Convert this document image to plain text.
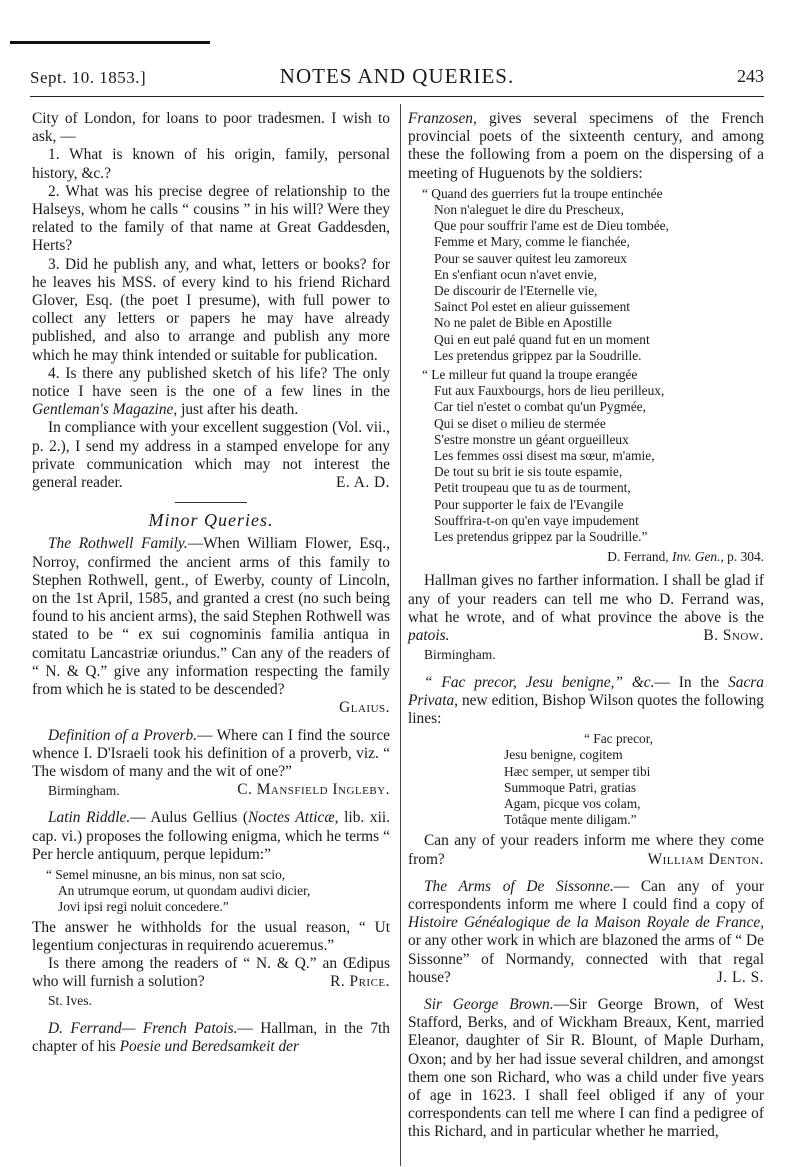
Sept. 10. 1853.]	NOTES AND QUERIES.	243

City of London, for loans to poor tradesmen. I wish to ask, —

1. What is known of his origin, family, personal history, &c.?

2. What was his precise degree of relationship to the Halseys, whom he calls “ cousins ” in his will? Were they related to the family of that name at Great Gaddesden, Herts?

3. Did he publish any, and what, letters or books? for he leaves his MSS. of every kind to his friend Richard Glover, Esq. (the poet I presume), with full power to collect any letters or papers he may have already published, and also to arrange and publish any more which he may think intended or suitable for publication.

4. Is there any published sketch of his life? The only notice I have seen is the one of a few lines in the Gentleman's Magazine, just after his death.

In compliance with your excellent suggestion (Vol. vii., p. 2.), I send my address in a stamped envelope for any private communication which may not interest the general reader.	E. A. D.

Minor Queries.

The Rothwell Family.—When William Flower, Esq., Norroy, confirmed the ancient arms of this family to Stephen Rothwell, gent., of Ewerby, county of Lincoln, on the 1st April, 1585, and granted a crest (no such being found to his ancient arms), the said Stephen Rothwell was stated to be “ ex sui cognominis familia antiqua in comitatu Lancastriæ oriundus.” Can any of the readers of “ N. & Q.” give any information respecting the family from which he is stated to be descended?

Glaius.

Definition of a Proverb.— Where can I find the source whence I. D'Israeli took his definition of a proverb, viz. “ The wisdom of many and the wit of one?”
C. Mansfield Ingleby.

Birmingham.

Latin Riddle.— Aulus Gellius (Noctes Atticæ, lib. xii. cap. vi.) proposes the following enigma, which he terms “ Per hercle antiquum, perque lepidum:”

“ Semel minusne, an bis minus, non sat scio,
An utrumque eorum, ut quondam audivi dicier,
Jovi ipsi regi noluit concedere.”

The answer he withholds for the usual reason, “ Ut legentium conjecturas in requirendo acueremus.”

Is there among the readers of “ N. & Q.” an Œdipus who will furnish a solution?	R. Price.

St. Ives.

D. Ferrand— French Patois.— Hallman, in the 7th chapter of his Poesie und Beredsamkeit der

Franzosen, gives several specimens of the French provincial poets of the sixteenth century, and among these the following from a poem on the dispersing of a meeting of Huguenots by the soldiers:

“ Quand des guerriers fut la troupe entinchée
Non n'aleguet le dire du Prescheux,
Que pour souffrir l'ame est de Dieu tombée,
Femme et Mary, comme le fianchée,
Pour se sauver quitest leu zamoreux
En s'enfiant ocun n'avet envie,
De discourir de l'Eternelle vie,
Sainct Pol estet en alieur guissement
No ne palet de Bible en Apostille
Qui en eut palé quand fut en un moment
Les pretendus grippez par la Soudrille.
“ Le milleur fut quand la troupe erangée
Fut aux Fauxbourgs, hors de lieu perilleux,
Car tiel n'estet o combat qu'un Pygmée,
Qui se diset o milieu de stermée
S'estre monstre un géant orgueilleux
Les femmes ossi disest ma sœur, m'amie,
De tout su brit ie sis toute espamie,
Petit troupeau que tu as de tourment,
Pour supporter le faix de l'Evangile
Souffrira-t-on qu'en vaye impudement
Les pretendus grippez par la Soudrille.”
D. Ferrand, Inv. Gen., p. 304.

Hallman gives no farther information. I shall be glad if any of your readers can tell me who D. Ferrand was, what he wrote, and of what province the above is the patois.	B. Snow.

Birmingham.

“ Fac precor, Jesu benigne,” &c.— In the Sacra Privata, new edition, Bishop Wilson quotes the following lines:

“ Fac precor,
Jesu benigne, cogitem
Hæc semper, ut semper tibi
Summoque Patri, gratias
Agam, picque vos colam,
Totâque mente diligam.”

Can any of your readers inform me where they come from?	William Denton.

The Arms of De Sissonne.— Can any of your correspondents inform me where I could find a copy of Histoire Généalogique de la Maison Royale de France, or any other work in which are blazoned the arms of “ De Sissonne” of Normandy, connected with that regal house?	J. L. S.

Sir George Brown.—Sir George Brown, of West Stafford, Berks, and of Wickham Breaux, Kent, married Eleanor, daughter of Sir R. Blount, of Maple Durham, Oxon; and by her had issue several children, and amongst them one son Richard, who was a child under five years of age in 1623. I shall feel obliged if any of your correspondents can tell me where I can find a pedigree of this Richard, and in particular whether he married,
